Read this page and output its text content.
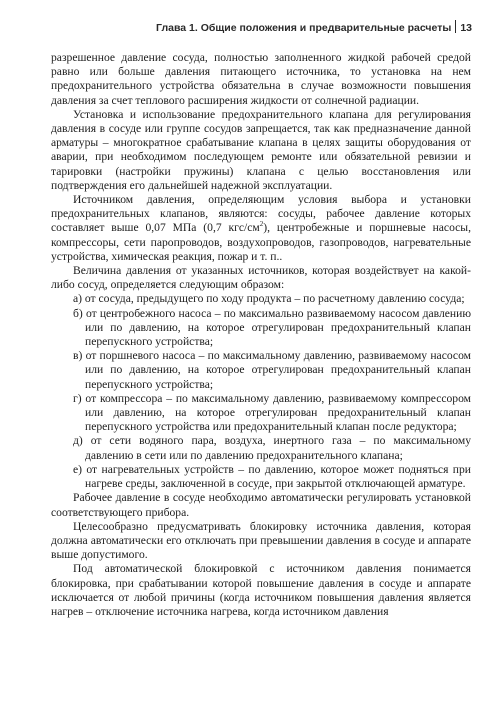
Глава 1. Общие положения и предварительные расчеты 13

разрешенное давление сосуда, полностью заполненного жидкой рабочей средой равно или больше давления питающего источника, то установка на нем предохранительного устройства обязательна в случае возможности повышения давления за счет теплового расширения жидкости от солнечной радиации.

Установка и использование предохранительного клапана для регулирования давления в сосуде или группе сосудов запрещается, так как предназначение данной арматуры – многократное срабатывание клапана в целях защиты оборудования от аварии, при необходимом последующем ремонте или обязательной ревизии и тарировки (настройки пружины) клапана с целью восстановления или подтверждения его дальнейшей надежной эксплуатации.

Источником давления, определяющим условия выбора и установки предохранительных клапанов, являются: сосуды, рабочее давление которых составляет выше 0,07 МПа (0,7 кгс/$см^2$), центробежные и поршневые насосы, компрессоры, сети паропроводов, воздухопроводов, газопроводов, нагревательные устройства, химическая реакция, пожар и т. п..

Величина давления от указанных источников, которая воздействует на какой-либо сосуд, определяется следующим образом:

а) от сосуда, предыдущего по ходу продукта – по расчетному давлению сосуда;
б) от центробежного насоса – по максимально развиваемому насосом давлению или по давлению, на которое отрегулирован предохранительный клапан перепускного устройства;
в) от поршневого насоса – по максимальному давлению, развиваемому насосом или по давлению, на которое отрегулирован предохранительный клапан перепускного устройства;
г) от компрессора – по максимальному давлению, развиваемому компрессором или давлению, на которое отрегулирован предохранительный клапан перепускного устройства или предохранительный клапан после редуктора;
д) от сети водяного пара, воздуха, инертного газа – по максимальному давлению в сети или по давлению предохранительного клапана;
е) от нагревательных устройств – по давлению, которое может подняться при нагреве среды, заключенной в сосуде, при закрытой отключающей арматуре.

Рабочее давление в сосуде необходимо автоматически регулировать установкой соответствующего прибора.

Целесообразно предусматривать блокировку источника давления, которая должна автоматически его отключать при превышении давления в сосуде и аппарате выше допустимого.

Под автоматической блокировкой с источником давления понимается блокировка, при срабатывании которой повышение давления в сосуде и аппарате исключается от любой причины (когда источником повышения давления является нагрев – отключение источника нагрева, когда источником давления
